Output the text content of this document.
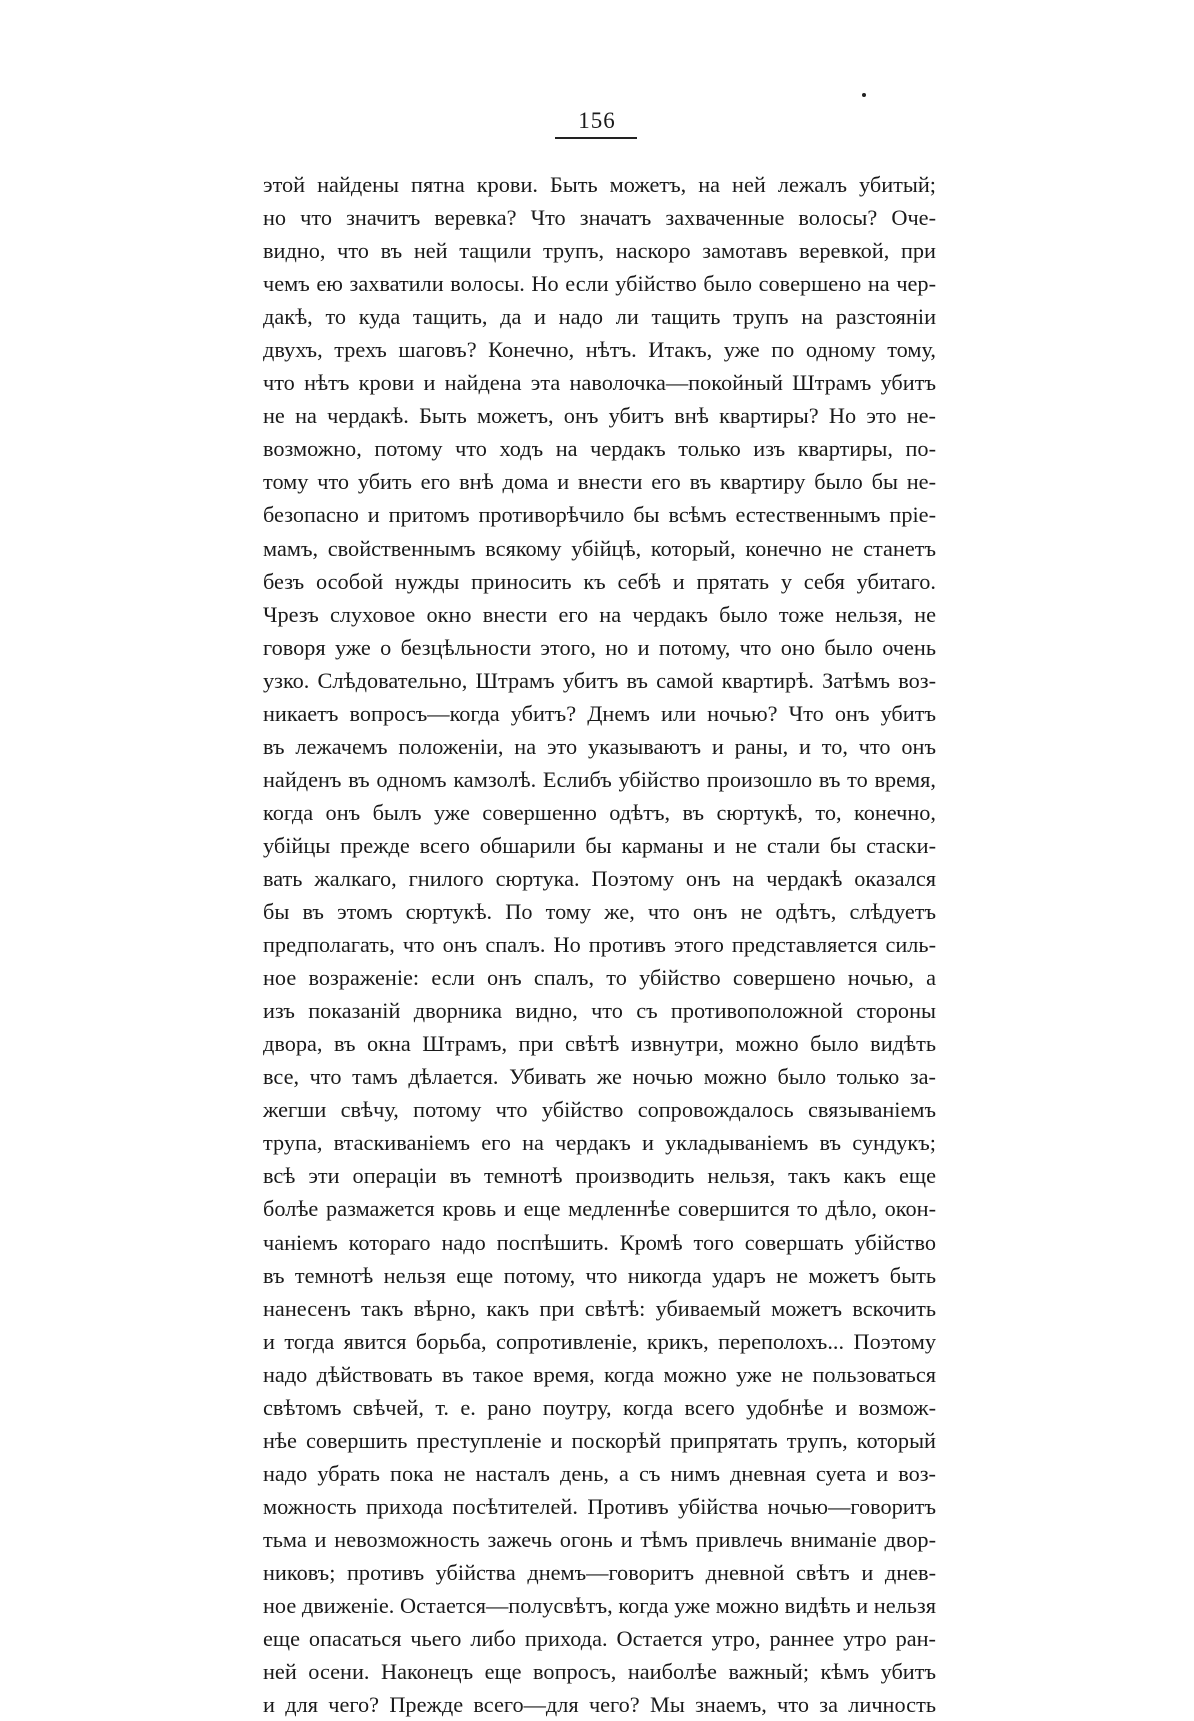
156
этой найдены пятна крови. Быть можетъ, на ней лежалъ убитый;
но что значитъ веревка? Что значатъ захваченные волосы? Оче-
видно, что въ ней тащили трупъ, наскоро замотавъ веревкой, при
чемъ ею захватили волосы. Но если убійство было совершено на чер-
дакѣ, то куда тащить, да и надо ли тащить трупъ на разстояніи
двухъ, трехъ шаговъ? Конечно, нѣтъ. Итакъ, уже по одному тому,
что нѣтъ крови и найдена эта наволочка—покойный Штрамъ убитъ
не на чердакѣ. Быть можетъ, онъ убитъ внѣ квартиры? Но это не-
возможно, потому что ходъ на чердакъ только изъ квартиры, по-
тому что убить его внѣ дома и внести его въ квартиру было бы не-
безопасно и притомъ противорѣчило бы всѣмъ естественнымъ пріе-
мамъ, свойственнымъ всякому убійцѣ, который, конечно не станетъ
безъ особой нужды приносить къ себѣ и прятать у себя убитаго.
Чрезъ слуховое окно внести его на чердакъ было тоже нельзя, не
говоря уже о безцѣльности этого, но и потому, что оно было очень
узко. Слѣдовательно, Штрамъ убитъ въ самой квартирѣ. Затѣмъ воз-
никаетъ вопросъ—когда убитъ? Днемъ или ночью? Что онъ убитъ
въ лежачемъ положеніи, на это указываютъ и раны, и то, что онъ
найденъ въ одномъ камзолѣ. Еслибъ убійство произошло въ то время,
когда онъ былъ уже совершенно одѣтъ, въ сюртукѣ, то, конечно,
убійцы прежде всего обшарили бы карманы и не стали бы стаски-
вать жалкаго, гнилого сюртука. Поэтому онъ на чердакѣ оказался
бы въ этомъ сюртукѣ. По тому же, что онъ не одѣтъ, слѣдуетъ
предполагать, что онъ спалъ. Но противъ этого представляется силь-
ное возраженіе: если онъ спалъ, то убійство совершено ночью, а
изъ показаній дворника видно, что съ противоположной стороны
двора, въ окна Штрамъ, при свѣтѣ извнутри, можно было видѣть
все, что тамъ дѣлается. Убивать же ночью можно было только за-
жегши свѣчу, потому что убійство сопровождалось связываніемъ
трупа, втаскиваніемъ его на чердакъ и укладываніемъ въ сундукъ;
всѣ эти операціи въ темнотѣ производить нельзя, такъ какъ еще
болѣе размажется кровь и еще медленнѣе совершится то дѣло, окон-
чаніемъ котораго надо поспѣшить. Кромѣ того совершать убійство
въ темнотѣ нельзя еще потому, что никогда ударъ не можетъ быть
нанесенъ такъ вѣрно, какъ при свѣтѣ: убиваемый можетъ вскочить
и тогда явится борьба, сопротивленіе, крикъ, переполохъ... Поэтому
надо дѣйствовать въ такое время, когда можно уже не пользоваться
свѣтомъ свѣчей, т. е. рано поутру, когда всего удобнѣе и возмож-
нѣе совершить преступленіе и поскорѣй припрятать трупъ, который
надо убрать пока не насталъ день, а съ нимъ дневная суета и воз-
можность прихода посѣтителей. Противъ убійства ночью—говоритъ
тьма и невозможность зажечь огонь и тѣмъ привлечь вниманіе двор-
никовъ; противъ убійства днемъ—говоритъ дневной свѣтъ и днев-
ное движеніе. Остается—полусвѣтъ, когда уже можно видѣть и нельзя
еще опасаться чьего либо прихода. Остается утро, раннее утро ран-
ней осени. Наконецъ еще вопросъ, наиболѣе важный; кѣмъ убитъ
и для чего? Прежде всего—для чего? Мы знаемъ, что за личность
